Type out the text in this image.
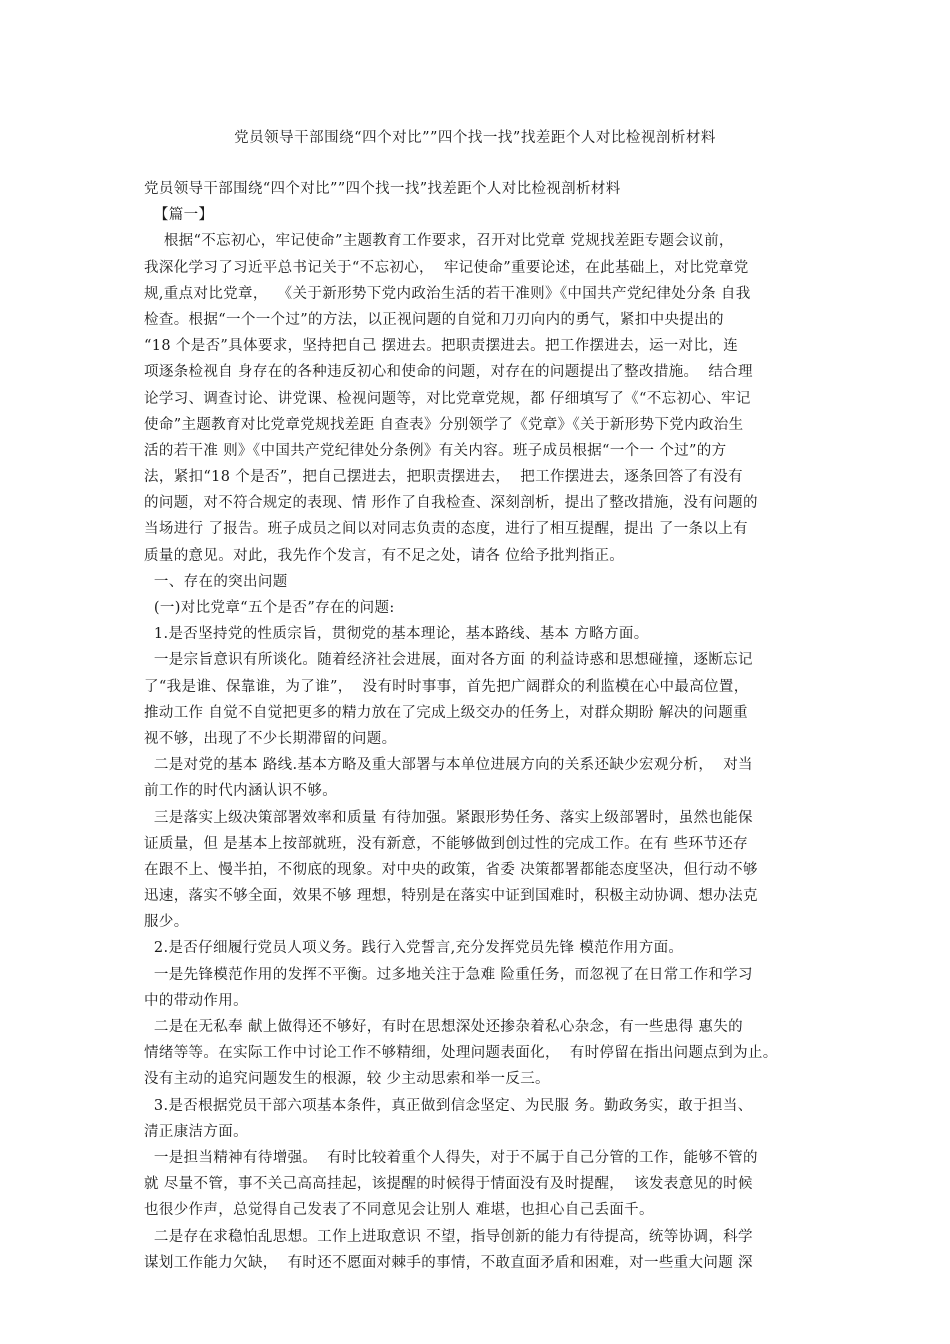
党员领导干部围绕“四个对比””四个找一找”找差距个人对比检视剖析材料
党员领导干部围绕“四个对比””四个找一找”找差距个人对比检视剖析材料
【篇一】
根据“不忘初心，牢记使命”主题教育工作要求，召开对比党章 党规找差距专题会议前，
我深化学习了习近平总书记关于“不忘初心，  牢记使命”重要论述，在此基础上，对比党章党
规,重点对比党章，  《关于新形势下党内政治生活的若干准则》《中国共产党纪律处分条 自我
检查。根据“一个一个过”的方法，以正视问题的自觉和刀刃向内的勇气，紧扣中央提出的
“18 个是否”具体要求，坚持把自己 摆进去。把职责摆进去。把工作摆进去，运一对比，连
项逐条检视自 身存在的各种违反初心和使命的问题，对存在的问题提出了整改措施。  结合理
论学习、调查讨论、讲党课、检视问题等，对比党章党规，都 仔细填写了《“不忘初心、牢记
使命”主题教育对比党章党规找差距 自查表》分别领学了《党章》《关于新形势下党内政治生
活的若干准 则》《中国共产党纪律处分条例》有关内容。班子成员根据“一个一 个过”的方
法，紧扣“18 个是否”，把自己摆进去，把职责摆进去，  把工作摆进去，逐条回答了有没有
的问题，对不符合规定的表现、情 形作了自我检查、深刻剖析，提出了整改措施，没有问题的
当场进行 了报告。班子成员之间以对同志负责的态度，进行了相互提醒，提出 了一条以上有
质量的意见。对此，我先作个发言，有不足之处，请各 位给予批判指正。
一、存在的突出问题
(一)对比党章“五个是否”存在的问题:
1.是否坚持党的性质宗旨，贯彻党的基本理论，基本路线、基本 方略方面。
一是宗旨意识有所谈化。随着经济社会进展，面对各方面 的利益诗惑和思想碰撞，逐断忘记
了“我是谁、保靠谁，为了谁”，  没有时时事事，首先把广阔群众的利监模在心中最高位置，
推动工作 自觉不自觉把更多的精力放在了完成上级交办的任务上，对群众期盼 解决的问题重
视不够，出现了不少长期滞留的问题。
二是对党的基本 路线.基本方略及重大部署与本单位进展方向的关系还缺少宏观分析，  对当
前工作的时代内涵认识不够。
三是落实上级决策部署效率和质量 有待加强。紧跟形势任务、落实上级部署时，虽然也能保
证质量，但 是基本上按部就班，没有新意，不能够做到创过性的完成工作。在有 些环节还存
在跟不上、慢半拍，不彻底的现象。对中央的政策，省委 决策都署都能态度坚决，但行动不够
迅速，落实不够全面，效果不够 理想，特别是在落实中证到国难时，积极主动协调、想办法克
服少。
2.是否仔细履行党员人项义务。践行入党誓言,充分发挥党员先锋 模范作用方面。
一是先锋模范作用的发挥不平衡。过多地关注于急难 险重任务，而忽视了在日常工作和学习
中的带动作用。
二是在无私奉 献上做得还不够好，有时在思想深处还掺杂着私心杂念，有一些患得 惠失的
情绪等等。在实际工作中讨论工作不够精细，处理问题表面化，  有时停留在指出问题点到为止。
没有主动的追究问题发生的根源，较 少主动思索和举一反三。
3.是否根据党员干部六项基本条件，真正做到信念坚定、为民服 务。勤政务实，敢于担当、
清正康洁方面。
一是担当精神有待增强。  有时比较着重个人得失，对于不属于自己分管的工作，能够不管的
就 尽量不管，事不关己高高挂起，该提醒的时候得于情面没有及时提醒，  该发表意见的时候
也很少作声，总觉得自己发表了不同意见会让别人 难堪，也担心自己丢面千。
二是存在求稳怕乱思想。工作上进取意识 不望，指导创新的能力有待提高，统等协调，科学
谋划工作能力欠缺，  有时还不愿面对棘手的事情，不敢直面矛盾和困难，对一些重大问题 深
